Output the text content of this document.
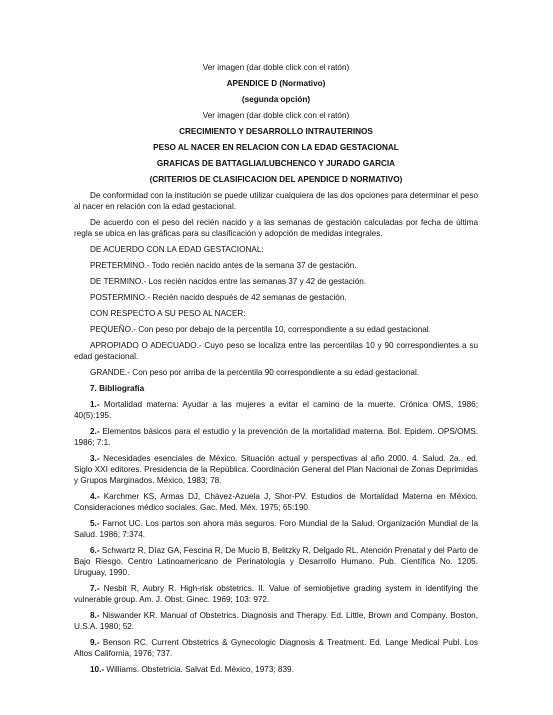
Ver imagen (dar doble click con el ratón)
APENDICE D (Normativo)
(segunda opción)
Ver imagen (dar doble click con el ratón)
CRECIMIENTO Y DESARROLLO INTRAUTERINOS
PESO AL NACER EN RELACION CON LA EDAD GESTACIONAL
GRAFICAS DE BATTAGLIA/LUBCHENCO Y JURADO GARCIA
(CRITERIOS DE CLASIFICACION DEL APENDICE D NORMATIVO)

De conformidad con la institución se puede utilizar cualquiera de las dos opciones para determinar el peso al nacer en relación con la edad gestacional.

De acuerdo con el peso del recién nacido y a las semanas de gestación calculadas por fecha de última regla se ubica en las gráficas para su clasificación y adopción de medidas integrales.

DE ACUERDO CON LA EDAD GESTACIONAL:

PRETERMINO.- Todo recién nacido antes de la semana 37 de gestación.

DE TERMINO.- Los recién nacidos entre las semanas 37 y 42 de gestación.

POSTERMINO.- Recién nacido después de 42 semanas de gestación.

CON RESPECTO A SU PESO AL NACER:

PEQUEÑO.- Con peso por debajo de la percentila 10, correspondiente a su edad gestacional.

APROPIADO O ADECUADO.- Cuyo peso se localiza entre las percentilas 10 y 90 correspondientes a su edad gestacional.

GRANDE.- Con peso por arriba de la percentila 90 correspondiente a su edad gestacional.

7. Bibliografía

1.- Mortalidad materna: Ayudar a las mujeres a evitar el camino de la muerte. Crónica OMS, 1986; 40(5):195.

2.- Elementos básicos para el estudio y la prevención de la mortalidad materna. Bol. Epidem. OPS/OMS. 1986; 7:1.

3.- Necesidades esenciales de México. Situación actual y perspectivas al año 2000. 4. Salud. 2a.. ed. Siglo XXI editores. Presidencia de la República. Coordinación General del Plan Nacional de Zonas Deprimidas y Grupos Marginados. México, 1983; 78.

4.- Karchmer KS, Armas DJ, Chávez-Azuela J, Shor-PV. Estudios de Mortalidad Materna en México. Consideraciones médico sociales. Gac. Med. Méx. 1975; 65:190.

5.- Farnot UC. Los partos son ahora más seguros. Foro Mundial de la Salud. Organización Mundial de la Salud. 1986; 7:374.

6.- Schwartz R, Díaz GA, Fescina R, De Mucio B, Belitzky R, Delgado RL. Atención Prenatal y del Parto de Bajo Riesgo. Centro Latinoamericano de Perinatología y Desarrollo Humano. Pub. Científica No. 1205. Uruguay, 1990.

7.- Nesbit R, Aubry R. High-risk obstetrics. II. Value of semiobjetive grading system in identifying the vulnerable group. Am. J. Obst. Ginec. 1969; 103: 972.

8.- Niswander KR. Manual of Obstetrics. Diagnosis and Therapy. Ed. Little, Brown and Company. Boston, U.S.A. 1980; 52.

9.- Benson RC. Current Obstetrics & Gynecologic Diagnosis & Treatment. Ed. Lange Medical Publ. Los Altos California, 1976; 737.

10.- Williams. Obstetricia. Salvat Ed. México, 1973; 839.
